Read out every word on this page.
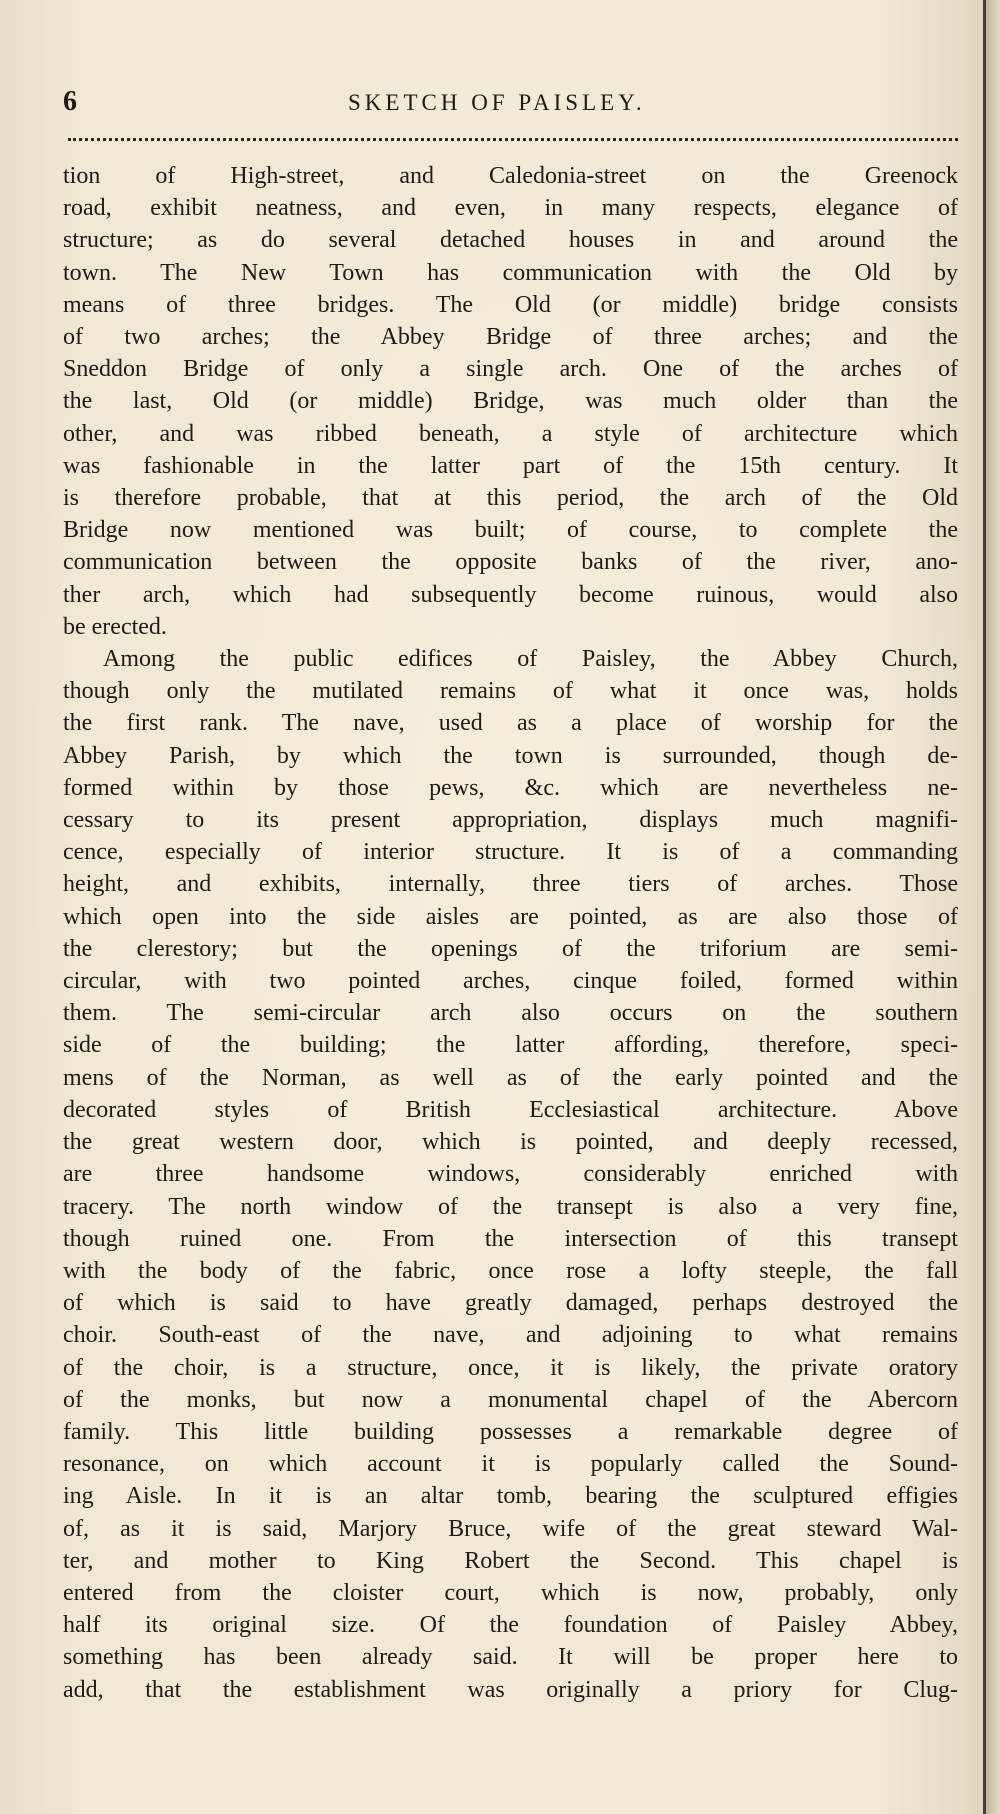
6	SKETCH OF PAISLEY.
tion of High-street, and Caledonia-street on the Greenock
road, exhibit neatness, and even, in many respects, elegance of
structure; as do several detached houses in and around the
town. The New Town has communication with the Old by
means of three bridges. The Old (or middle) bridge consists
of two arches; the Abbey Bridge of three arches; and the
Sneddon Bridge of only a single arch. One of the arches of
the last, Old (or middle) Bridge, was much older than the
other, and was ribbed beneath, a style of architecture which
was fashionable in the latter part of the 15th century. It
is therefore probable, that at this period, the arch of the Old
Bridge now mentioned was built; of course, to complete the
communication between the opposite banks of the river, ano-
ther arch, which had subsequently become ruinous, would also
be erected.
Among the public edifices of Paisley, the Abbey Church,
though only the mutilated remains of what it once was, holds
the first rank. The nave, used as a place of worship for the
Abbey Parish, by which the town is surrounded, though de-
formed within by those pews, &c. which are nevertheless ne-
cessary to its present appropriation, displays much magnifi-
cence, especially of interior structure. It is of a commanding
height, and exhibits, internally, three tiers of arches. Those
which open into the side aisles are pointed, as are also those of
the clerestory; but the openings of the triforium are semi-
circular, with two pointed arches, cinque foiled, formed within
them. The semi-circular arch also occurs on the southern
side of the building; the latter affording, therefore, speci-
mens of the Norman, as well as of the early pointed and the
decorated styles of British Ecclesiastical architecture. Above
the great western door, which is pointed, and deeply recessed,
are three handsome windows, considerably enriched with
tracery. The north window of the transept is also a very fine,
though ruined one. From the intersection of this transept
with the body of the fabric, once rose a lofty steeple, the fall
of which is said to have greatly damaged, perhaps destroyed the
choir. South-east of the nave, and adjoining to what remains
of the choir, is a structure, once, it is likely, the private oratory
of the monks, but now a monumental chapel of the Abercorn
family. This little building possesses a remarkable degree of
resonance, on which account it is popularly called the Sound-
ing Aisle. In it is an altar tomb, bearing the sculptured effigies
of, as it is said, Marjory Bruce, wife of the great steward Wal-
ter, and mother to King Robert the Second. This chapel is
entered from the cloister court, which is now, probably, only
half its original size. Of the foundation of Paisley Abbey,
something has been already said. It will be proper here to
add, that the establishment was originally a priory for Clug-
